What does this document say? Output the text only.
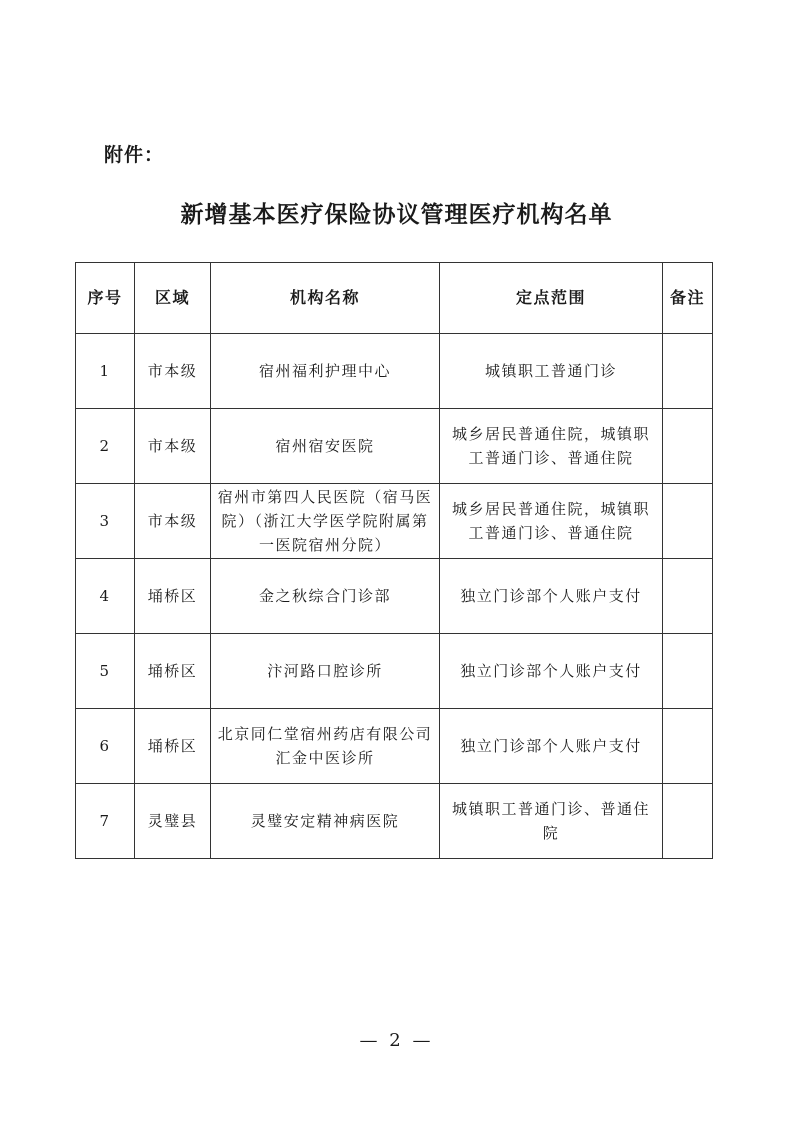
附件：
新增基本医疗保险协议管理医疗机构名单
序号	区域	机构名称	定点范围	备注
1	市本级	宿州福利护理中心	城镇职工普通门诊	
2	市本级	宿州宿安医院	城乡居民普通住院，城镇职工普通门诊、普通住院	
3	市本级	宿州市第四人民医院（宿马医院）（浙江大学医学院附属第一医院宿州分院）	城乡居民普通住院，城镇职工普通门诊、普通住院	
4	埇桥区	金之秋综合门诊部	独立门诊部个人账户支付	
5	埇桥区	汴河路口腔诊所	独立门诊部个人账户支付	
6	埇桥区	北京同仁堂宿州药店有限公司汇金中医诊所	独立门诊部个人账户支付	
7	灵璧县	灵璧安定精神病医院	城镇职工普通门诊、普通住院	
— 2 —
